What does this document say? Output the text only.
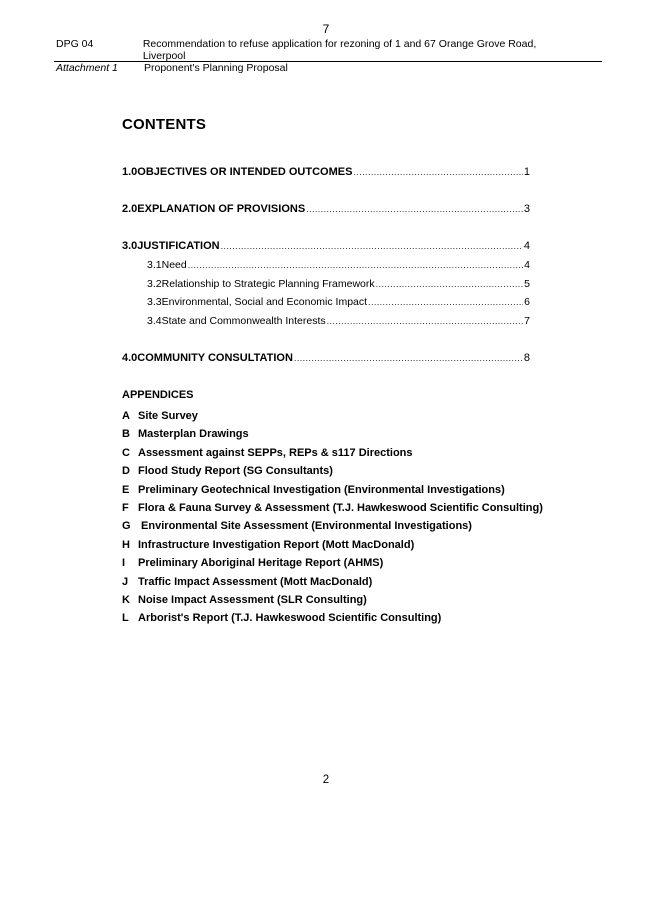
7
DPG 04	Recommendation to refuse application for rezoning of 1 and 67 Orange Grove Road, Liverpool
Attachment 1	Proponent's Planning Proposal
CONTENTS
1.0 OBJECTIVES OR INTENDED OUTCOMES .....	1
2.0 EXPLANATION OF PROVISIONS .....	3
3.0 JUSTIFICATION .....	4
3.1 Need .....	4
3.2 Relationship to Strategic Planning Framework .....	5
3.3 Environmental, Social and Economic Impact .....	6
3.4 State and Commonwealth Interests .....	7
4.0 COMMUNITY CONSULTATION .....	8
APPENDICES
A Site Survey
B Masterplan Drawings
C Assessment against SEPPs, REPs & s117 Directions
D Flood Study Report (SG Consultants)
E Preliminary Geotechnical Investigation (Environmental Investigations)
F Flora & Fauna Survey & Assessment (T.J. Hawkeswood Scientific Consulting)
G Environmental Site Assessment (Environmental Investigations)
H Infrastructure Investigation Report (Mott MacDonald)
I Preliminary Aboriginal Heritage Report (AHMS)
J Traffic Impact Assessment (Mott MacDonald)
K Noise Impact Assessment (SLR Consulting)
L Arborist's Report (T.J. Hawkeswood Scientific Consulting)
2
